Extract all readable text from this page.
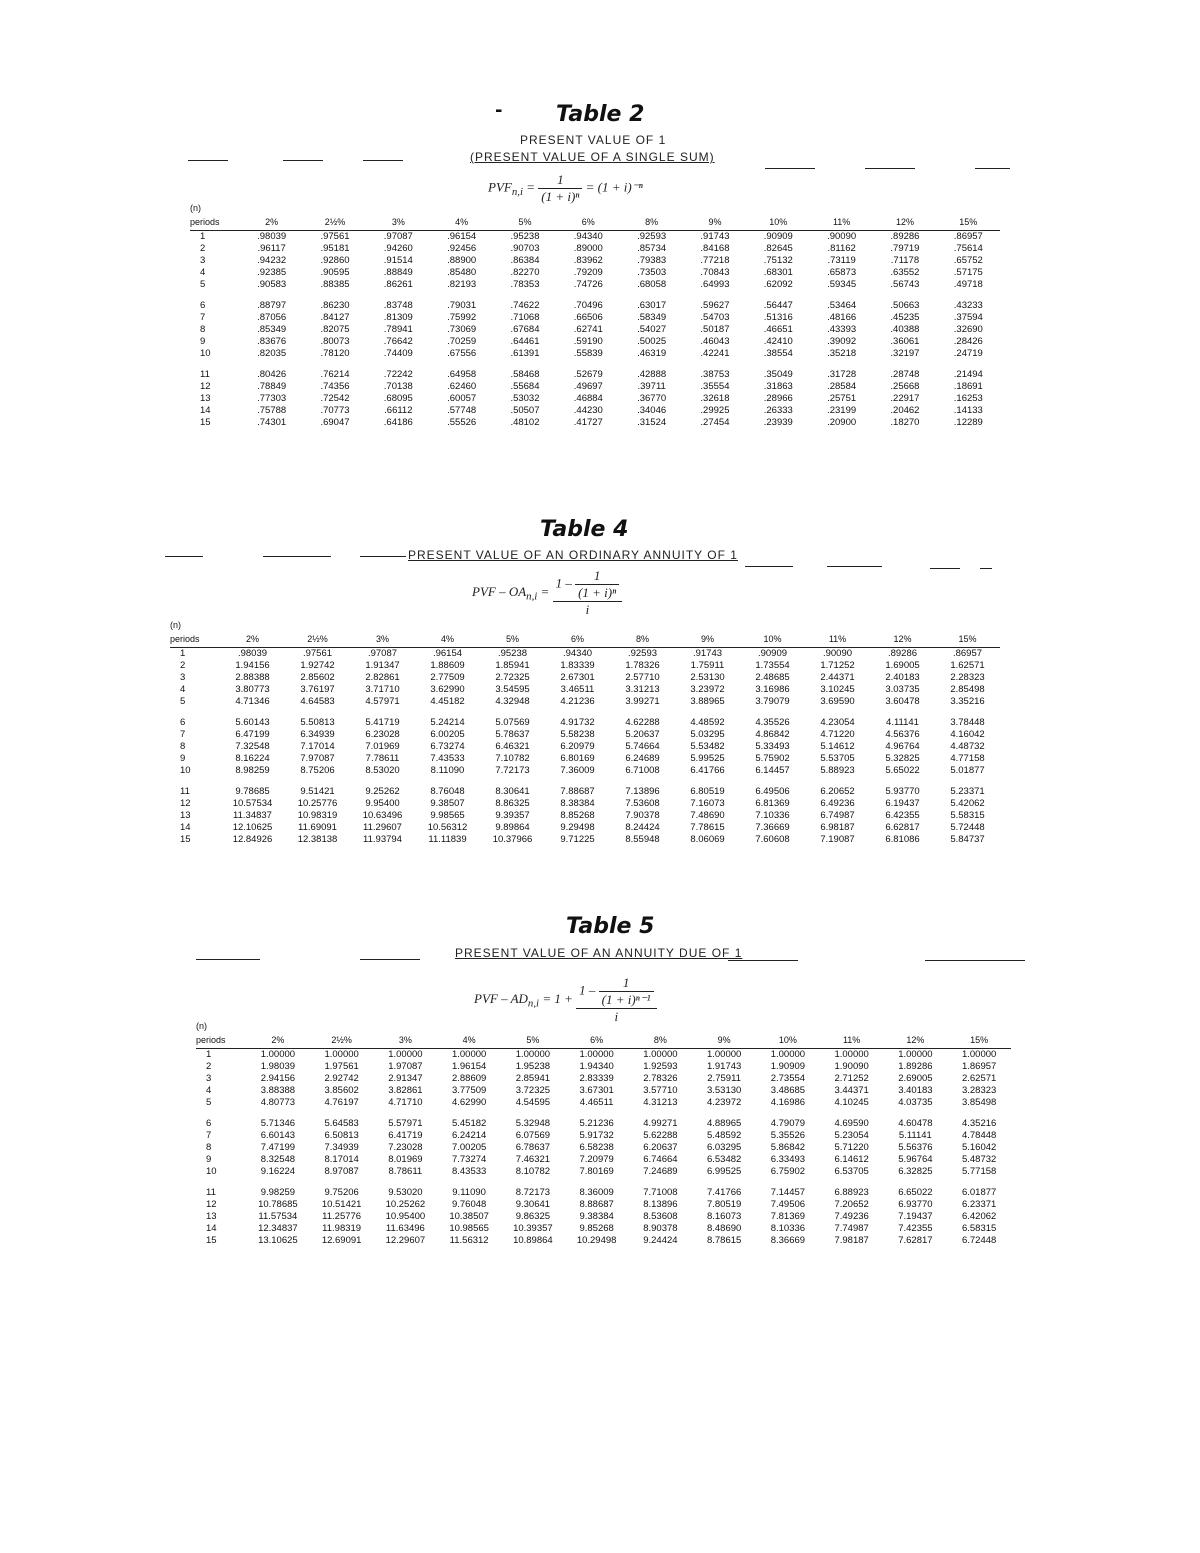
- Table 2
PRESENT VALUE OF 1
(PRESENT VALUE OF A SINGLE SUM)
$PVF_{n,i} = \frac{1}{\text{(1 + i)ⁿ}} = (1 + i)^{-n}$
(n)												
periods	2%	2½%	3%	4%	5%	6%	8%	9%	10%	11%	12%	15%
1	.98039	.97561	.97087	.96154	.95238	.94340	.92593	.91743	.90909	.90090	.89286	.86957
2	.96117	.95181	.94260	.92456	.90703	.89000	.85734	.84168	.82645	.81162	.79719	.75614
3	.94232	.92860	.91514	.88900	.86384	.83962	.79383	.77218	.75132	.73119	.71178	.65752
4	.92385	.90595	.88849	.85480	.82270	.79209	.73503	.70843	.68301	.65873	.63552	.57175
5	.90583	.88385	.86261	.82193	.78353	.74726	.68058	.64993	.62092	.59345	.56743	.49718

6	.88797	.86230	.83748	.79031	.74622	.70496	.63017	.59627	.56447	.53464	.50663	.43233
7	.87056	.84127	.81309	.75992	.71068	.66506	.58349	.54703	.51316	.48166	.45235	.37594
8	.85349	.82075	.78941	.73069	.67684	.62741	.54027	.50187	.46651	.43393	.40388	.32690
9	.83676	.80073	.76642	.70259	.64461	.59190	.50025	.46043	.42410	.39092	.36061	.28426
10	.82035	.78120	.74409	.67556	.61391	.55839	.46319	.42241	.38554	.35218	.32197	.24719

11	.80426	.76214	.72242	.64958	.58468	.52679	.42888	.38753	.35049	.31728	.28748	.21494
12	.78849	.74356	.70138	.62460	.55684	.49697	.39711	.35554	.31863	.28584	.25668	.18691
13	.77303	.72542	.68095	.60057	.53032	.46884	.36770	.32618	.28966	.25751	.22917	.16253
14	.75788	.70773	.66112	.57748	.50507	.44230	.34046	.29925	.26333	.23199	.20462	.14133
15	.74301	.69047	.64186	.55526	.48102	.41727	.31524	.27454	.23939	.20900	.18270	.12289
Table 4
PRESENT VALUE OF AN ORDINARY ANNUITY OF 1
PVF – $OA_{n,i} = \frac{1 - \frac{1}{\text{(1 + i)ⁿ}}}{i}$
(n)												
periods	2%	2½%	3%	4%	5%	6%	8%	9%	10%	11%	12%	15%
1	.98039	.97561	.97087	.96154	.95238	.94340	.92593	.91743	.90909	.90090	.89286	.86957
2	1.94156	1.92742	1.91347	1.88609	1.85941	1.83339	1.78326	1.75911	1.73554	1.71252	1.69005	1.62571
3	2.88388	2.85602	2.82861	2.77509	2.72325	2.67301	2.57710	2.53130	2.48685	2.44371	2.40183	2.28323
4	3.80773	3.76197	3.71710	3.62990	3.54595	3.46511	3.31213	3.23972	3.16986	3.10245	3.03735	2.85498
5	4.71346	4.64583	4.57971	4.45182	4.32948	4.21236	3.99271	3.88965	3.79079	3.69590	3.60478	3.35216

6	5.60143	5.50813	5.41719	5.24214	5.07569	4.91732	4.62288	4.48592	4.35526	4.23054	4.11141	3.78448
7	6.47199	6.34939	6.23028	6.00205	5.78637	5.58238	5.20637	5.03295	4.86842	4.71220	4.56376	4.16042
8	7.32548	7.17014	7.01969	6.73274	6.46321	6.20979	5.74664	5.53482	5.33493	5.14612	4.96764	4.48732
9	8.16224	7.97087	7.78611	7.43533	7.10782	6.80169	6.24689	5.99525	5.75902	5.53705	5.32825	4.77158
10	8.98259	8.75206	8.53020	8.11090	7.72173	7.36009	6.71008	6.41766	6.14457	5.88923	5.65022	5.01877

11	9.78685	9.51421	9.25262	8.76048	8.30641	7.88687	7.13896	6.80519	6.49506	6.20652	5.93770	5.23371
12	10.57534	10.25776	9.95400	9.38507	8.86325	8.38384	7.53608	7.16073	6.81369	6.49236	6.19437	5.42062
13	11.34837	10.98319	10.63496	9.98565	9.39357	8.85268	7.90378	7.48690	7.10336	6.74987	6.42355	5.58315
14	12.10625	11.69091	11.29607	10.56312	9.89864	9.29498	8.24424	7.78615	7.36669	6.98187	6.62817	5.72448
15	12.84926	12.38138	11.93794	11.11839	10.37966	9.71225	8.55948	8.06069	7.60608	7.19087	6.81086	5.84737
Table 5
PRESENT VALUE OF AN ANNUITY DUE OF 1
PVF – $AD_{n,i} = 1 + \frac{1 - \frac{1}{\text{(1 + i)ⁿ⁻¹}}}{i}$
(n)												
periods	2%	2½%	3%	4%	5%	6%	8%	9%	10%	11%	12%	15%
1	1.00000	1.00000	1.00000	1.00000	1.00000	1.00000	1.00000	1.00000	1.00000	1.00000	1.00000	1.00000
2	1.98039	1.97561	1.97087	1.96154	1.95238	1.94340	1.92593	1.91743	1.90909	1.90090	1.89286	1.86957
3	2.94156	2.92742	2.91347	2.88609	2.85941	2.83339	2.78326	2.75911	2.73554	2.71252	2.69005	2.62571
4	3.88388	3.85602	3.82861	3.77509	3.72325	3.67301	3.57710	3.53130	3.48685	3.44371	3.40183	3.28323
5	4.80773	4.76197	4.71710	4.62990	4.54595	4.46511	4.31213	4.23972	4.16986	4.10245	4.03735	3.85498

6	5.71346	5.64583	5.57971	5.45182	5.32948	5.21236	4.99271	4.88965	4.79079	4.69590	4.60478	4.35216
7	6.60143	6.50813	6.41719	6.24214	6.07569	5.91732	5.62288	5.48592	5.35526	5.23054	5.11141	4.78448
8	7.47199	7.34939	7.23028	7.00205	6.78637	6.58238	6.20637	6.03295	5.86842	5.71220	5.56376	5.16042
9	8.32548	8.17014	8.01969	7.73274	7.46321	7.20979	6.74664	6.53482	6.33493	6.14612	5.96764	5.48732
10	9.16224	8.97087	8.78611	8.43533	8.10782	7.80169	7.24689	6.99525	6.75902	6.53705	6.32825	5.77158

11	9.98259	9.75206	9.53020	9.11090	8.72173	8.36009	7.71008	7.41766	7.14457	6.88923	6.65022	6.01877
12	10.78685	10.51421	10.25262	9.76048	9.30641	8.88687	8.13896	7.80519	7.49506	7.20652	6.93770	6.23371
13	11.57534	11.25776	10.95400	10.38507	9.86325	9.38384	8.53608	8.16073	7.81369	7.49236	7.19437	6.42062
14	12.34837	11.98319	11.63496	10.98565	10.39357	9.85268	8.90378	8.48690	8.10336	7.74987	7.42355	6.58315
15	13.10625	12.69091	12.29607	11.56312	10.89864	10.29498	9.24424	8.78615	8.36669	7.98187	7.62817	6.72448
